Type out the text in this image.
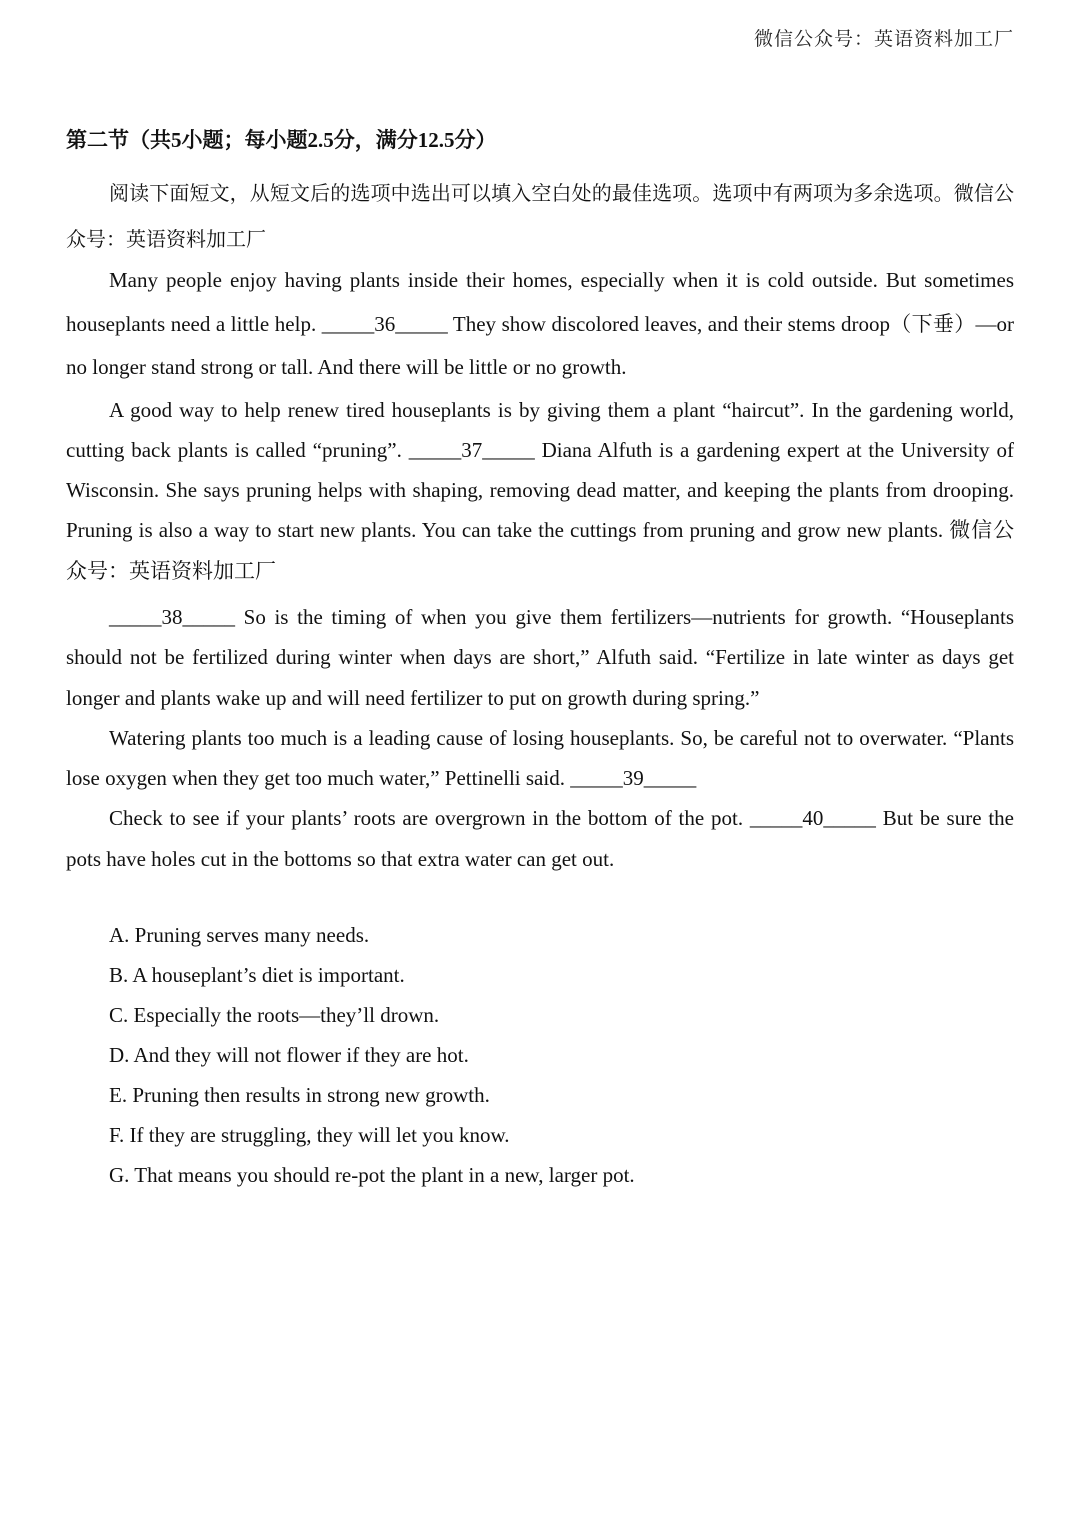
微信公众号：英语资料加工厂
第二节（共5小题；每小题2.5分，满分12.5分）

阅读下面短文，从短文后的选项中选出可以填入空白处的最佳选项。选项中有两项为多余选项。微信公众号：英语资料加工厂

Many people enjoy having plants inside their homes, especially when it is cold outside. But sometimes houseplants need a little help. _____36_____ They show discolored leaves, and their stems droop（下垂）—or no longer stand strong or tall. And there will be little or no growth.

A good way to help renew tired houseplants is by giving them a plant “haircut”. In the gardening world, cutting back plants is called “pruning”. _____37_____ Diana Alfuth is a gardening expert at the University of Wisconsin. She says pruning helps with shaping, removing dead matter, and keeping the plants from drooping. Pruning is also a way to start new plants. You can take the cuttings from pruning and grow new plants. 微信公众号：英语资料加工厂

_____38_____ So is the timing of when you give them fertilizers—nutrients for growth. “Houseplants should not be fertilized during winter when days are short,” Alfuth said. “Fertilize in late winter as days get longer and plants wake up and will need fertilizer to put on growth during spring.”

Watering plants too much is a leading cause of losing houseplants. So, be careful not to overwater. “Plants lose oxygen when they get too much water,” Pettinelli said. _____39_____

Check to see if your plants’ roots are overgrown in the bottom of the pot. _____40_____ But be sure the pots have holes cut in the bottoms so that extra water can get out.

A. Pruning serves many needs.

B. A houseplant’s diet is important.

C. Especially the roots—they’ll drown.

D. And they will not flower if they are hot.

E. Pruning then results in strong new growth.

F. If they are struggling, they will let you know.

G. That means you should re-pot the plant in a new, larger pot.
